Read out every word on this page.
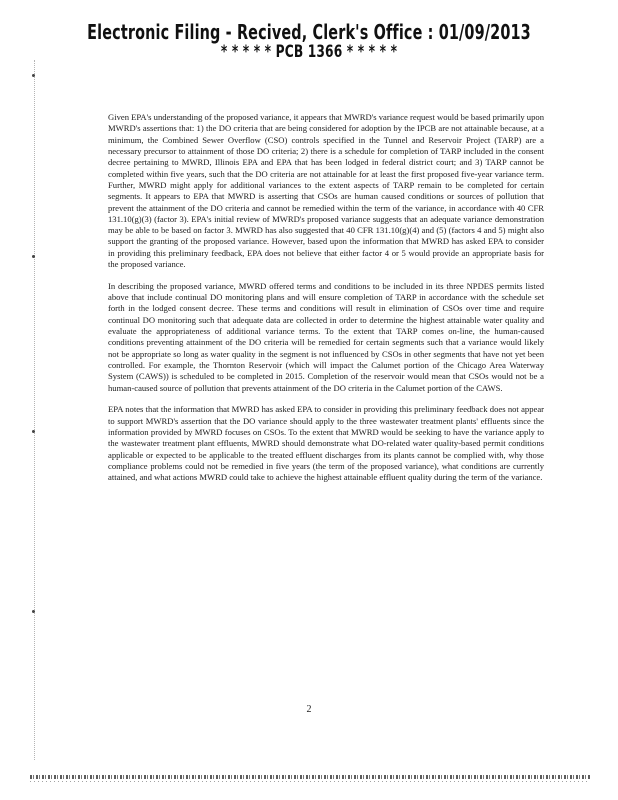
Electronic Filing - Recived, Clerk's Office : 01/09/2013
* * * * * PCB 1366 * * * * *

Given EPA's understanding of the proposed variance, it appears that MWRD's variance request would be based primarily upon MWRD's assertions that: 1) the DO criteria that are being considered for adoption by the IPCB are not attainable because, at a minimum, the Combined Sewer Overflow (CSO) controls specified in the Tunnel and Reservoir Project (TARP) are a necessary precursor to attainment of those DO criteria; 2) there is a schedule for completion of TARP included in the consent decree pertaining to MWRD, Illinois EPA and EPA that has been lodged in federal district court; and 3) TARP cannot be completed within five years, such that the DO criteria are not attainable for at least the first proposed five-year variance term. Further, MWRD might apply for additional variances to the extent aspects of TARP remain to be completed for certain segments. It appears to EPA that MWRD is asserting that CSOs are human caused conditions or sources of pollution that prevent the attainment of the DO criteria and cannot be remedied within the term of the variance, in accordance with 40 CFR 131.10(g)(3) (factor 3). EPA's initial review of MWRD's proposed variance suggests that an adequate variance demonstration may be able to be based on factor 3. MWRD has also suggested that 40 CFR 131.10(g)(4) and (5) (factors 4 and 5) might also support the granting of the proposed variance. However, based upon the information that MWRD has asked EPA to consider in providing this preliminary feedback, EPA does not believe that either factor 4 or 5 would provide an appropriate basis for the proposed variance.

In describing the proposed variance, MWRD offered terms and conditions to be included in its three NPDES permits listed above that include continual DO monitoring plans and will ensure completion of TARP in accordance with the schedule set forth in the lodged consent decree. These terms and conditions will result in elimination of CSOs over time and require continual DO monitoring such that adequate data are collected in order to determine the highest attainable water quality and evaluate the appropriateness of additional variance terms. To the extent that TARP comes on-line, the human-caused conditions preventing attainment of the DO criteria will be remedied for certain segments such that a variance would likely not be appropriate so long as water quality in the segment is not influenced by CSOs in other segments that have not yet been controlled. For example, the Thornton Reservoir (which will impact the Calumet portion of the Chicago Area Waterway System (CAWS)) is scheduled to be completed in 2015. Completion of the reservoir would mean that CSOs would not be a human-caused source of pollution that prevents attainment of the DO criteria in the Calumet portion of the CAWS.

EPA notes that the information that MWRD has asked EPA to consider in providing this preliminary feedback does not appear to support MWRD's assertion that the DO variance should apply to the three wastewater treatment plants' effluents since the information provided by MWRD focuses on CSOs. To the extent that MWRD would be seeking to have the variance apply to the wastewater treatment plant effluents, MWRD should demonstrate what DO-related water quality-based permit conditions applicable or expected to be applicable to the treated effluent discharges from its plants cannot be complied with, why those compliance problems could not be remedied in five years (the term of the proposed variance), what conditions are currently attained, and what actions MWRD could take to achieve the highest attainable effluent quality during the term of the variance.

2
